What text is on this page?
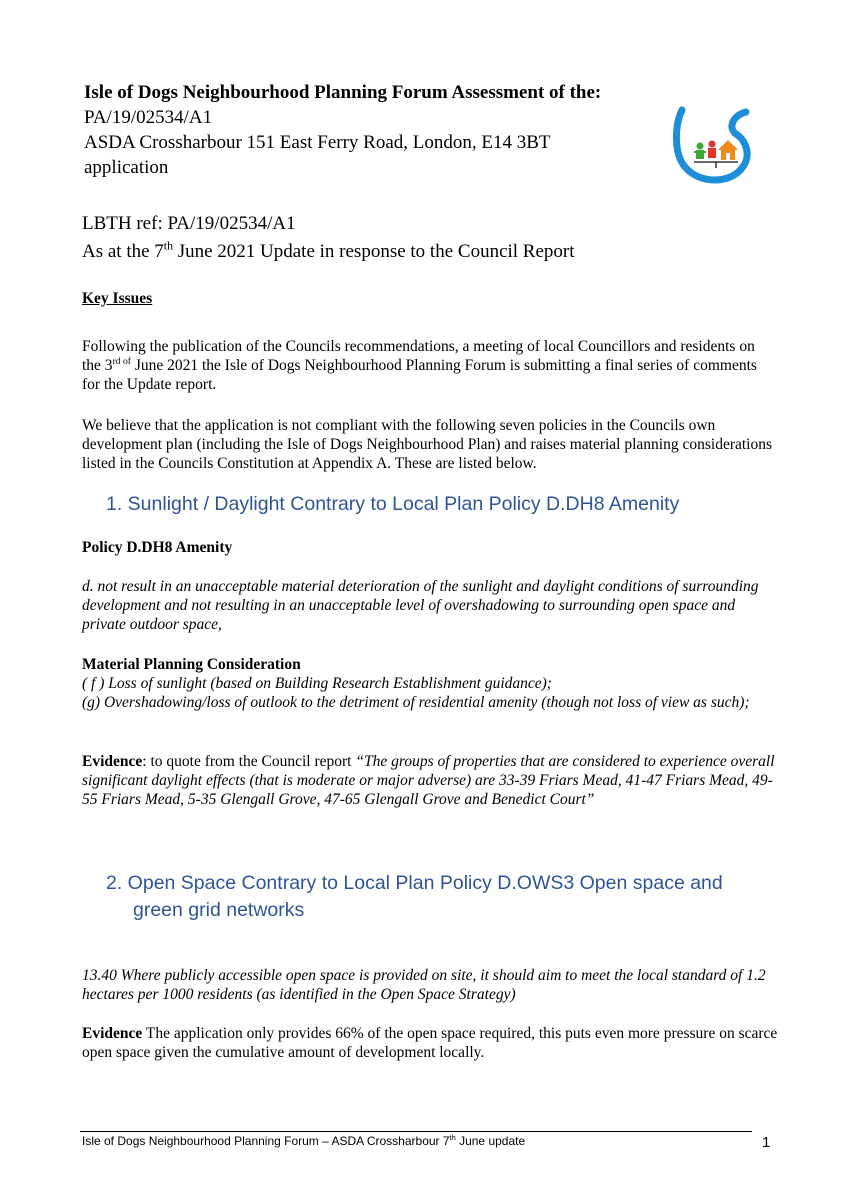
Isle of Dogs Neighbourhood Planning Forum Assessment of the:
PA/19/02534/A1
ASDA Crossharbour 151 East Ferry Road, London, E14 3BT
application
LBTH ref: PA/19/02534/A1
As at the 7th June 2021 Update in response to the Council Report
Key Issues
Following the publication of the Councils recommendations, a meeting of local Councillors and residents on the $3^{rd of}$ June 2021 the Isle of Dogs Neighbourhood Planning Forum is submitting a final series of comments for the Update report.
We believe that the application is not compliant with the following seven policies in the Councils own development plan (including the Isle of Dogs Neighbourhood Plan) and raises material planning considerations listed in the Councils Constitution at Appendix A. These are listed below.
1. Sunlight / Daylight Contrary to Local Plan Policy D.DH8 Amenity
Policy D.DH8 Amenity
d. not result in an unacceptable material deterioration of the sunlight and daylight conditions of surrounding development and not resulting in an unacceptable level of overshadowing to surrounding open space and private outdoor space,
Material Planning Consideration
( f ) Loss of sunlight (based on Building Research Establishment guidance);
(g) Overshadowing/loss of outlook to the detriment of residential amenity (though not loss of view as such);
Evidence: to quote from the Council report “The groups of properties that are considered to experience overall significant daylight effects (that is moderate or major adverse) are 33-39 Friars Mead, 41-47 Friars Mead, 49-55 Friars Mead, 5-35 Glengall Grove, 47-65 Glengall Grove and Benedict Court”
2. Open Space Contrary to Local Plan Policy D.OWS3 Open space and
green grid networks
13.40 Where publicly accessible open space is provided on site, it should aim to meet the local standard of 1.2 hectares per 1000 residents (as identified in the Open Space Strategy)
Evidence The application only provides 66% of the open space required, this puts even more pressure on scarce open space given the cumulative amount of development locally.
Isle of Dogs Neighbourhood Planning Forum – ASDA Crossharbour 7th June update	1
